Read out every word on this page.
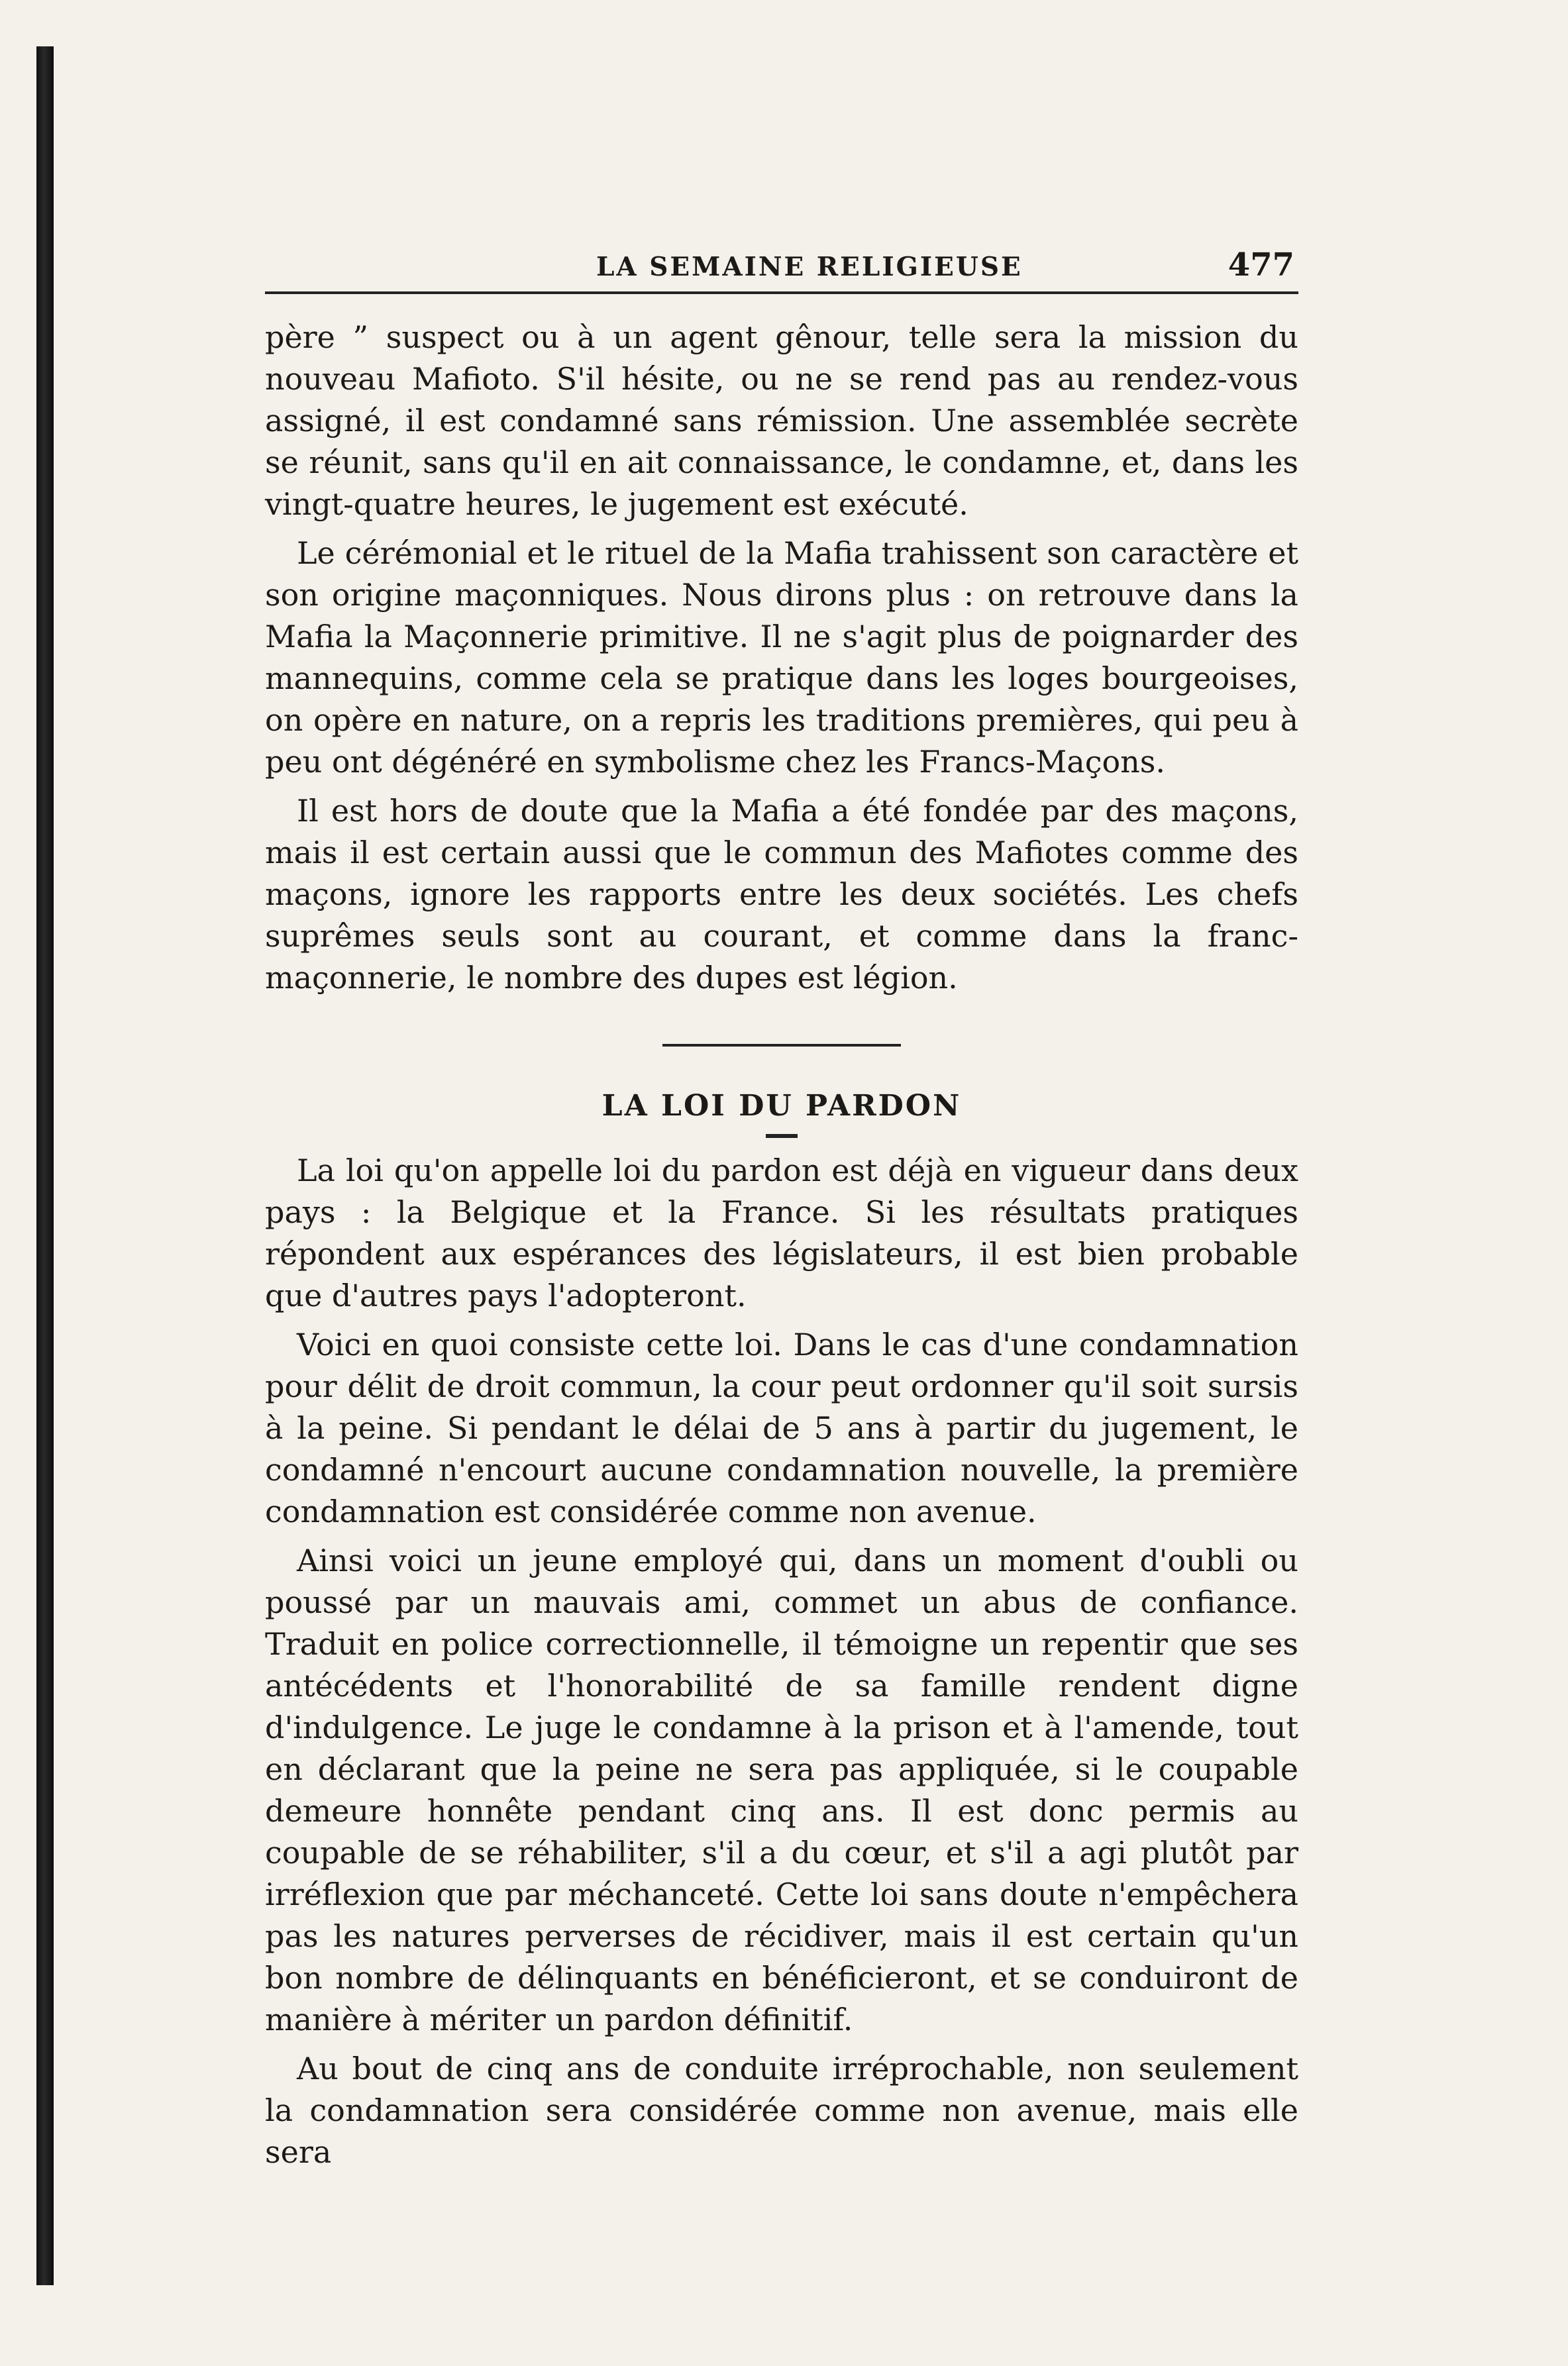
LA SEMAINE RELIGIEUSE	477

père ” suspect ou à un agent gênour, telle sera la mission du nouveau Mafioto. S'il hésite, ou ne se rend pas au rendez-vous assigné, il est condamné sans rémission. Une assemblée secrète se réunit, sans qu'il en ait connaissance, le condamne, et, dans les vingt-quatre heures, le jugement est exécuté.

Le cérémonial et le rituel de la Mafia trahissent son caractère et son origine maçonniques. Nous dirons plus : on retrouve dans la Mafia la Maçonnerie primitive. Il ne s'agit plus de poignarder des mannequins, comme cela se pratique dans les loges bourgeoises, on opère en nature, on a repris les traditions premières, qui peu à peu ont dégénéré en symbolisme chez les Francs-Maçons.

Il est hors de doute que la Mafia a été fondée par des maçons, mais il est certain aussi que le commun des Mafiotes comme des maçons, ignore les rapports entre les deux sociétés. Les chefs suprêmes seuls sont au courant, et comme dans la franc-maçonnerie, le nombre des dupes est légion.

LA LOI DU PARDON

La loi qu'on appelle loi du pardon est déjà en vigueur dans deux pays : la Belgique et la France. Si les résultats pratiques répondent aux espérances des législateurs, il est bien probable que d'autres pays l'adopteront.

Voici en quoi consiste cette loi. Dans le cas d'une condamnation pour délit de droit commun, la cour peut ordonner qu'il soit sursis à la peine. Si pendant le délai de 5 ans à partir du jugement, le condamné n'encourt aucune condamnation nouvelle, la première condamnation est considérée comme non avenue.

Ainsi voici un jeune employé qui, dans un moment d'oubli ou poussé par un mauvais ami, commet un abus de confiance. Traduit en police correctionnelle, il témoigne un repentir que ses antécédents et l'honorabilité de sa famille rendent digne d'indulgence. Le juge le condamne à la prison et à l'amende, tout en déclarant que la peine ne sera pas appliquée, si le coupable demeure honnête pendant cinq ans. Il est donc permis au coupable de se réhabiliter, s'il a du cœur, et s'il a agi plutôt par irréflexion que par méchanceté. Cette loi sans doute n'empêchera pas les natures perverses de récidiver, mais il est certain qu'un bon nombre de délinquants en bénéficieront, et se conduiront de manière à mériter un pardon définitif.

Au bout de cinq ans de conduite irréprochable, non seulement la condamnation sera considérée comme non avenue, mais elle sera
